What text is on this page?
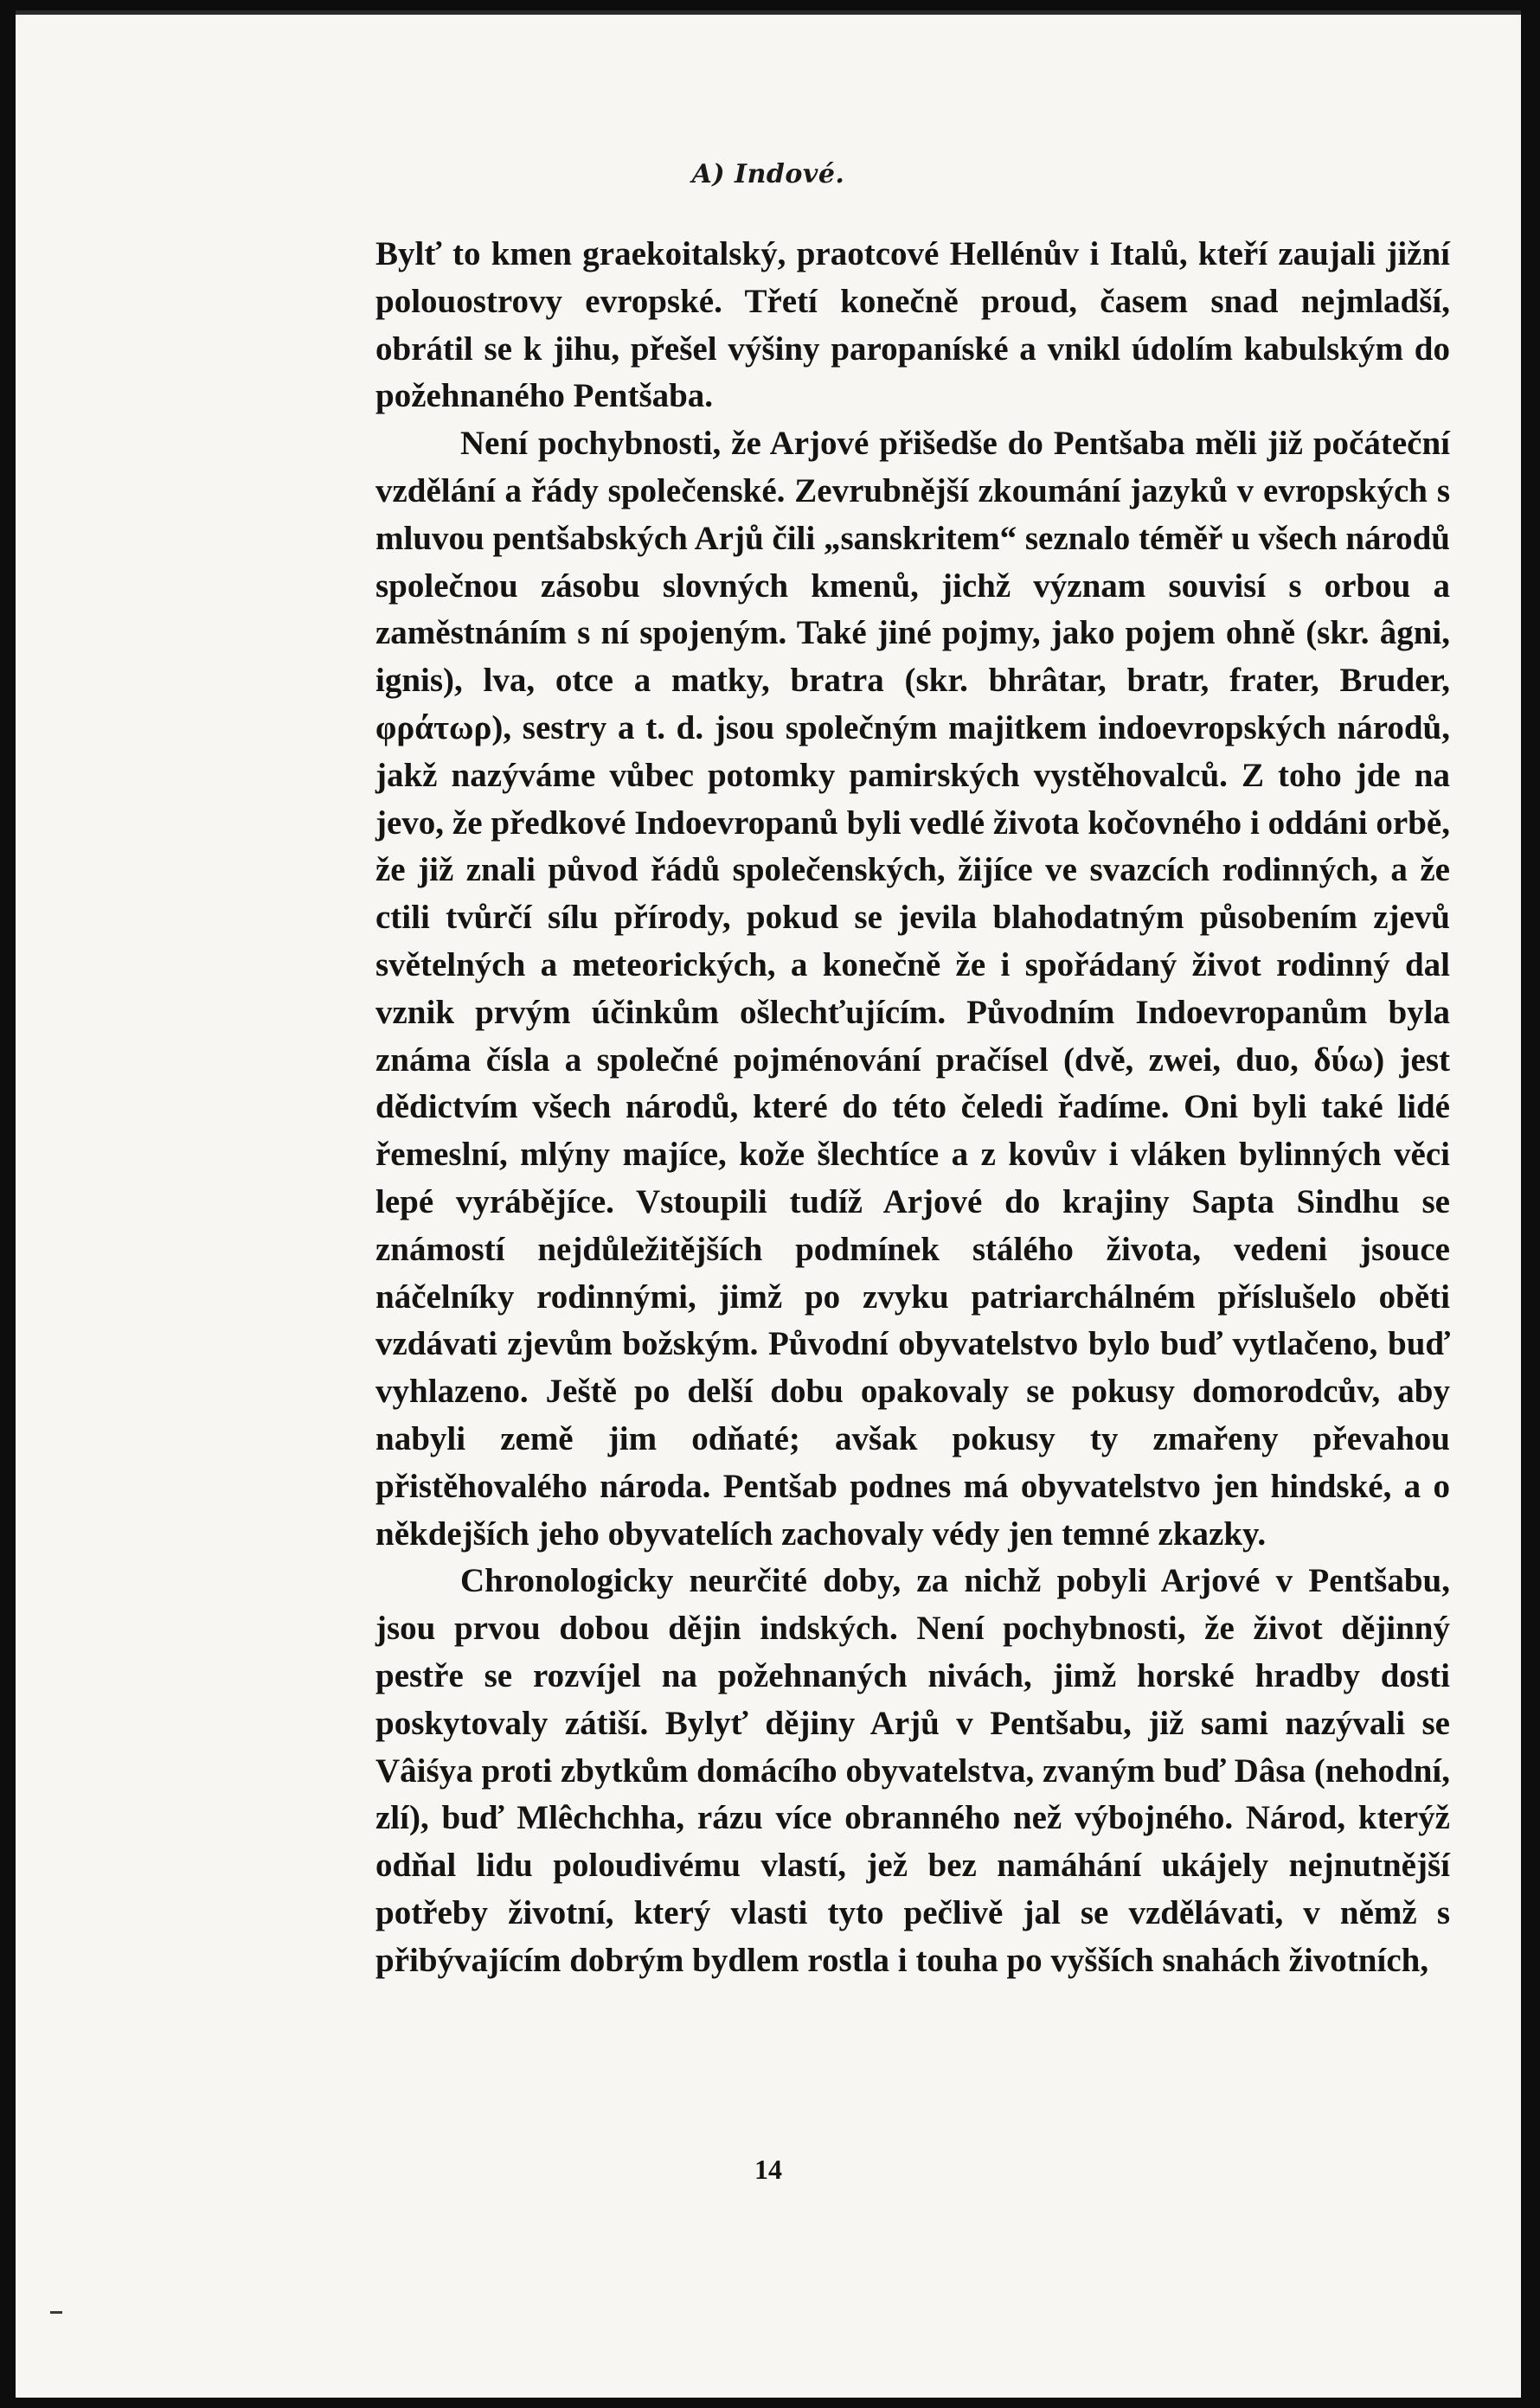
A) Indové.

Bylť to kmen graekoitalský, praotcové Hellénův i Italů, kteří zaujali jižní polouostrovy evropské. Třetí konečně proud, časem snad nejmladší, obrátil se k jihu, přešel výšiny paropaníské a vnikl údolím kabulským do požehnaného Pentšaba.

Není pochybnosti, že Arjové přišedše do Pentšaba měli již počáteční vzdělání a řády společenské. Zevrubnější zkoumání jazyků v evropských s mluvou pentšabských Arjů čili „sanskritem“ seznalo téměř u všech národů společnou zásobu slovných kmenů, jichž význam souvisí s orbou a zaměstnáním s ní spojeným. Také jiné pojmy, jako pojem ohně (skr. âgni, ignis), lva, otce a matky, bratra (skr. bhrâtar, bratr, frater, Bruder, φράτωρ), sestry a t. d. jsou společným majitkem indoevropských národů, jakž nazýváme vůbec potomky pamirských vystěhovalců. Z toho jde na jevo, že předkové Indoevropanů byli vedlé života kočovného i oddáni orbě, že již znali původ řádů společenských, žijíce ve svazcích rodinných, a že ctili tvůrčí sílu přírody, pokud se jevila blahodatným působením zjevů světelných a meteorických, a konečně že i spořádaný život rodinný dal vznik prvým účinkům ošlechťujícím. Původním Indoevropanům byla známa čísla a společné pojménování pračísel (dvě, zwei, duo, δύω) jest dědictvím všech národů, které do této čeledi řadíme. Oni byli také lidé řemeslní, mlýny majíce, kože šlechtíce a z kovův i vláken bylinných věci lepé vyrábějíce. Vstoupili tudíž Arjové do krajiny Sapta Sindhu se známostí nejdůležitějších podmínek stálého života, vedeni jsouce náčelníky rodinnými, jimž po zvyku patriarchálném příslušelo oběti vzdávati zjevům božským. Původní obyvatelstvo bylo buď vytlačeno, buď vyhlazeno. Ještě po delší dobu opakovaly se pokusy domorodcův, aby nabyli země jim odňaté; avšak pokusy ty zmařeny převahou přistěhovalého národa. Pentšab podnes má obyvatelstvo jen hindské, a o někdejších jeho obyvatelích zachovaly védy jen temné zkazky.

Chronologicky neurčité doby, za nichž pobyli Arjové v Pentšabu, jsou prvou dobou dějin indských. Není pochybnosti, že život dějinný pestře se rozvíjel na požehnaných nivách, jimž horské hradby dosti poskytovaly zátiší. Bylyť dějiny Arjů v Pentšabu, již sami nazývali se Vâiśya proti zbytkům domácího obyvatelstva, zvaným buď Dâsa (nehodní, zlí), buď Mlêchchha, rázu více obranného než výbojného. Národ, kterýž odňal lidu poloudivému vlastí, jež bez namáhání ukájely nejnutnější potřeby životní, který vlasti tyto pečlivě jal se vzdělávati, v němž s přibývajícím dobrým bydlem rostla i touha po vyšších snahách životních,

14
